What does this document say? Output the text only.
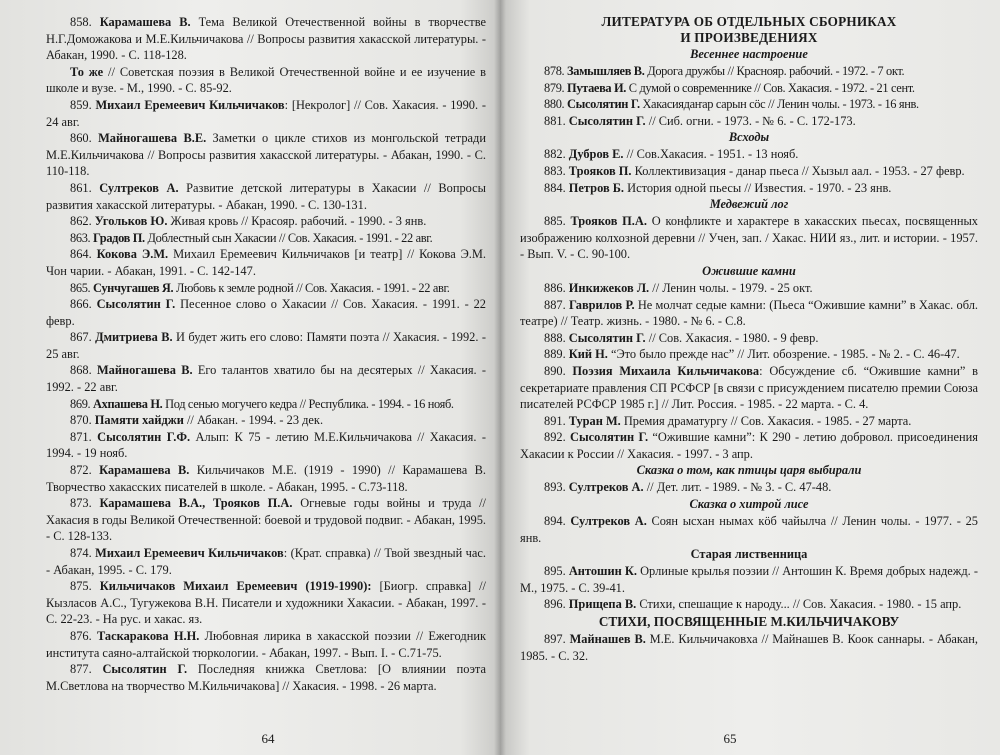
858. Карамашева В. Тема Великой Отечественной войны в творчестве Н.Г.Доможакова и М.Е.Кильчичакова // Вопросы развития хакасской литературы. - Абакан, 1990. - С. 118-128.

То же // Советская поэзия в Великой Отечественной войне и ее изучение в школе и вузе. - М., 1990. - С. 85-92.

859. Михаил Еремеевич Кильчичаков: [Некролог] // Сов. Хакасия. - 1990. - 24 авг.

860. Майногашева В.Е. Заметки о цикле стихов из монгольской тетради М.Е.Кильчичакова // Вопросы развития хакасской литературы. - Абакан, 1990. - С. 110-118.

861. Султреков А. Развитие детской литературы в Хакасии // Вопросы развития хакасской литературы. - Абакан, 1990. - С. 130-131.

862. Угольков Ю. Живая кровь // Красояр. рабочий. - 1990. - 3 янв.

863. Градов П. Доблестный сын Хакасии // Сов. Хакасия. - 1991. - 22 авг.

864. Кокова Э.М. Михаил Еремеевич Кильчичаков [и театр] // Кокова Э.М. Чон чарии. - Абакан, 1991. - С. 142-147.

865. Сунчугашев Я. Любовь к земле родной // Сов. Хакасия. - 1991. - 22 авг.

866. Сысолятин Г. Песенное слово о Хакасии // Сов. Хакасия. - 1991. - 22 февр.

867. Дмитриева В. И будет жить его слово: Памяти поэта // Хакасия. - 1992. - 25 авг.

868. Майногашева В. Его талантов хватило бы на десятерых // Хакасия. - 1992. - 22 авг.

869. Ахпашева Н. Под сенью могучего кедра // Республика. - 1994. - 16 нояб.

870. Памяти хайджи // Абакан. - 1994. - 23 дек.

871. Сысолятин Г.Ф. Алып: К 75 - летию М.Е.Кильчичакова // Хакасия. - 1994. - 19 нояб.

872. Карамашева В. Кильчичаков М.Е. (1919 - 1990) // Карамашева В. Творчество хакасских писателей в школе. - Абакан, 1995. - С.73-118.

873. Карамашева В.А., Трояков П.А. Огневые годы войны и труда // Хакасия в годы Великой Отечественной: боевой и трудовой подвиг. - Абакан, 1995. - С. 128-133.

874. Михаил Еремеевич Кильчичаков: (Крат. справка) // Твой звездный час. - Абакан, 1995. - С. 179.

875. Кильчичаков Михаил Еремеевич (1919-1990): [Биогр. справка] // Кызласов А.С., Тугужекова В.Н. Писатели и художники Хакасии. - Абакан, 1997. - С. 22-23. - На рус. и хакас. яз.

876. Таскаракова Н.Н. Любовная лирика в хакасской поэзии // Ежегодник института саяно-алтайской тюркологии. - Абакан, 1997. - Вып. I. - С.71-75.

877. Сысолятин Г. Последняя книжка Светлова: [О влиянии поэта М.Светлова на творчество М.Кильчичакова] // Хакасия. - 1998. - 26 марта.

64
ЛИТЕРАТУРА ОБ ОТДЕЛЬНЫХ СБОРНИКАХ
И ПРОИЗВЕДЕНИЯХ
Весеннее настроение

878. Замышляев В. Дорога дружбы // Краснояр. рабочий. - 1972. - 7 окт.

879. Путаева И. С думой о современнике // Сов. Хакасия. - 1972. - 21 сент.

880. Сысолятин Г. Хакасиядаҥар сарын сӧс // Ленин чолы. - 1973. - 16 янв.

881. Сысолятин Г. // Сиб. огни. - 1973. - № 6. - С. 172-173.

Всходы

882. Дубров Е. // Сов.Хакасия. - 1951. - 13 нояб.

883. Трояков П. Коллективизация - данар пьеса // Хызыл аал. - 1953. - 27 февр.

884. Петров Б. История одной пьесы // Известия. - 1970. - 23 янв.

Медвежий лог

885. Трояков П.А. О конфликте и характере в хакасских пьесах, посвященных изображению колхозной деревни // Учен, зап. / Хакас. НИИ яз., лит. и истории. - 1957. - Вып. V. - С. 90-100.

Ожившие камни

886. Инкижеков Л. // Ленин чолы. - 1979. - 25 окт.

887. Гаврилов Р. Не молчат седые камни: (Пьеса “Ожившие камни” в Хакас. обл. театре) // Театр. жизнь. - 1980. - № 6. - С.8.

888. Сысолятин Г. // Сов. Хакасия. - 1980. - 9 февр.

889. Кий Н. “Это было прежде нас” // Лит. обозрение. - 1985. - № 2. - С. 46-47.

890. Поэзия Михаила Кильчичакова: Обсуждение сб. “Ожившие камни” в секретариате правления СП РСФСР [в связи с присуждением писателю премии Союза писателей РСФСР 1985 г.] // Лит. Россия. - 1985. - 22 марта. - С. 4.

891. Туран М. Премия драматургу // Сов. Хакасия. - 1985. - 27 марта.

892. Сысолятин Г. “Ожившие камни”: К 290 - летию добровол. присоединения Хакасии к России // Хакасия. - 1997. - 3 апр.

Сказка о том, как птицы царя выбирали

893. Султреков А. // Дет. лит. - 1989. - № 3. - С. 47-48.

Сказка о хитрой лисе

894. Султреков А. Соян ысхан нымах кӧб чайылча // Ленин чолы. - 1977. - 25 янв.

Старая лиственница

895. Антошин К. Орлиные крылья поэзии // Антошин К. Время добрых надежд. - М., 1975. - С. 39-41.

896. Прищепа В. Стихи, спешащие к народу... // Сов. Хакасия. - 1980. - 15 апр.

СТИХИ, ПОСВЯЩЕННЫЕ М.КИЛЬЧИЧАКОВУ

897. Майнашев В. М.Е. Кильчичаковха // Майнашев В. Коок саннары. - Абакан, 1985. - С. 32.

65
